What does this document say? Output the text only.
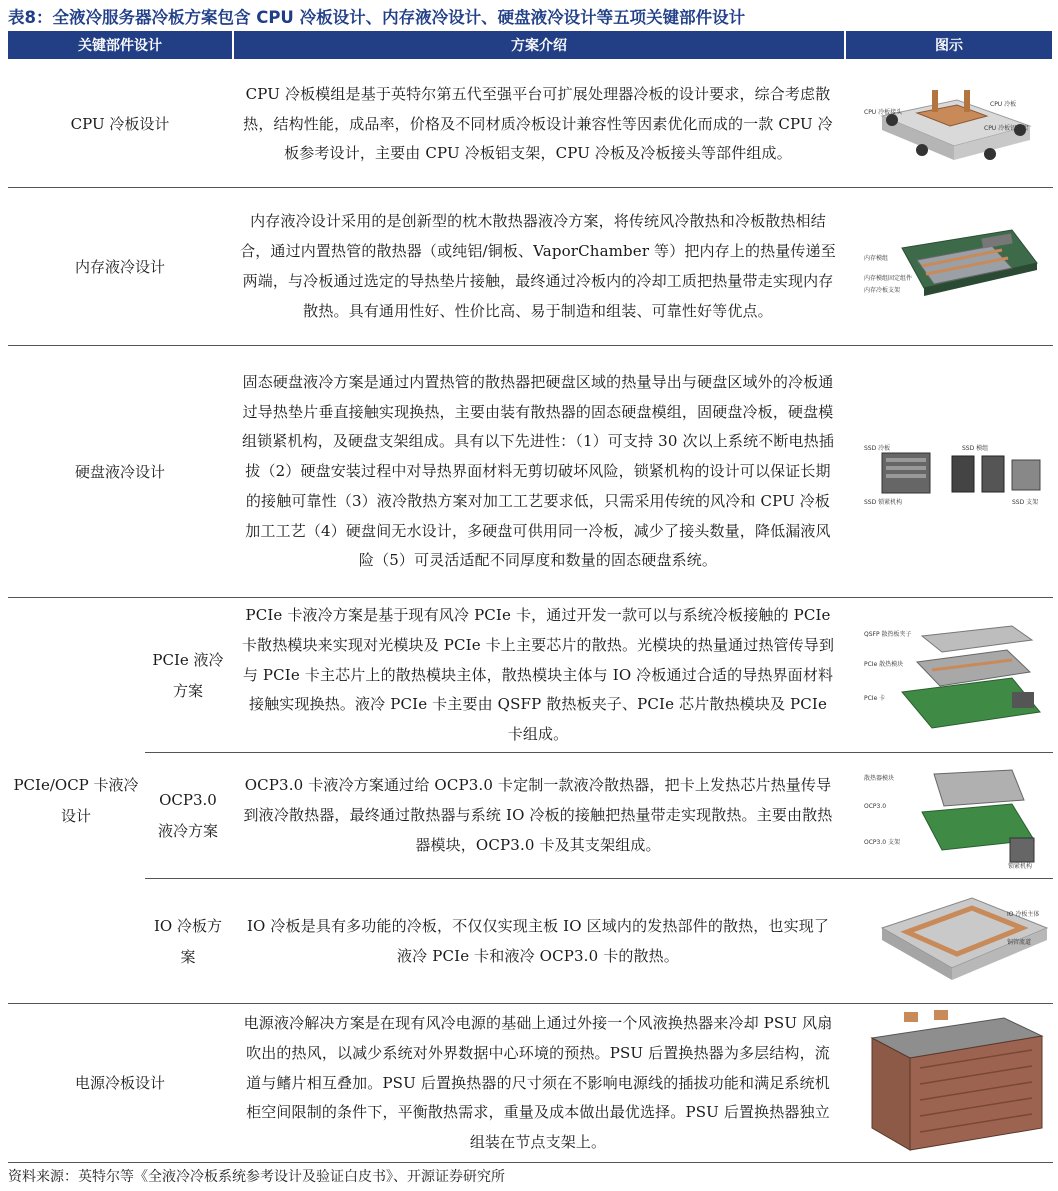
表8：全液冷服务器冷板方案包含 CPU 冷板设计、内存液冷设计、硬盘液冷设计等五项关键部件设计
关键部件设计	方案介绍	图示
CPU 冷板设计
CPU 冷板模组是基于英特尔第五代至强平台可扩展处理器冷板的设计要求，综合考虑散热，结构性能，成品率，价格及不同材质冷板设计兼容性等因素优化而成的一款 CPU 冷板参考设计，主要由 CPU 冷板铝支架，CPU 冷板及冷板接头等部件组成。
CPU 冷板接头
CPU 冷板
CPU 冷板铝支架
内存液冷设计
内存液冷设计采用的是创新型的枕木散热器液冷方案，将传统风冷散热和冷板散热相结合，通过内置热管的散热器（或纯铝/铜板、VaporChamber 等）把内存上的热量传递至两端，与冷板通过选定的导热垫片接触，最终通过冷板内的冷却工质把热量带走实现内存散热。具有通用性好、性价比高、易于制造和组装、可靠性好等优点。
内存模组
内存模组固定组件
内存冷板支架
硬盘液冷设计
固态硬盘液冷方案是通过内置热管的散热器把硬盘区域的热量导出与硬盘区域外的冷板通过导热垫片垂直接触实现换热，主要由装有散热器的固态硬盘模组，固硬盘冷板，硬盘模组锁紧机构，及硬盘支架组成。具有以下先进性：（1）可支持 30 次以上系统不断电热插拔（2）硬盘安装过程中对导热界面材料无剪切破坏风险，锁紧机构的设计可以保证长期的接触可靠性（3）液冷散热方案对加工工艺要求低，只需采用传统的风冷和 CPU 冷板加工工艺（4）硬盘间无水设计，多硬盘可供用同一冷板，减少了接头数量，降低漏液风险（5）可灵活适配不同厚度和数量的固态硬盘系统。
SSD 冷板
SSD 锁紧机构
SSD 模组
SSD 支架
PCIe/OCP 卡液冷设计
PCIe 液冷方案
PCIe 卡液冷方案是基于现有风冷 PCIe 卡，通过开发一款可以与系统冷板接触的 PCIe 卡散热模块来实现对光模块及 PCIe 卡上主要芯片的散热。光模块的热量通过热管传导到与 PCIe 卡主芯片上的散热模块主体，散热模块主体与 IO 冷板通过合适的导热界面材料接触实现换热。液冷 PCIe 卡主要由 QSFP 散热板夹子、PCIe 芯片散热模块及 PCIe 卡组成。
QSFP 散热板夹子
PCIe 散热模块
PCIe 卡
OCP3.0 液冷方案
OCP3.0 卡液冷方案通过给 OCP3.0 卡定制一款液冷散热器，把卡上发热芯片热量传导到液冷散热器，最终通过散热器与系统 IO 冷板的接触把热量带走实现散热。主要由散热器模块，OCP3.0 卡及其支架组成。
散热器模块
OCP3.0
OCP3.0 支架
锁紧机构
IO 冷板方案
IO 冷板是具有多功能的冷板，不仅仅实现主板 IO 区域内的发热部件的散热，也实现了液冷 PCIe 卡和液冷 OCP3.0 卡的散热。
IO 冷板主体
铜管流道
电源冷板设计
电源液冷解决方案是在现有风冷电源的基础上通过外接一个风液换热器来冷却 PSU 风扇吹出的热风，以减少系统对外界数据中心环境的预热。PSU 后置换热器为多层结构，流道与鳍片相互叠加。PSU 后置换热器的尺寸须在不影响电源线的插拔功能和满足系统机柜空间限制的条件下，平衡散热需求，重量及成本做出最优选择。PSU 后置换热器独立组装在节点支架上。
资料来源：英特尔等《全液冷冷板系统参考设计及验证白皮书》、开源证券研究所
